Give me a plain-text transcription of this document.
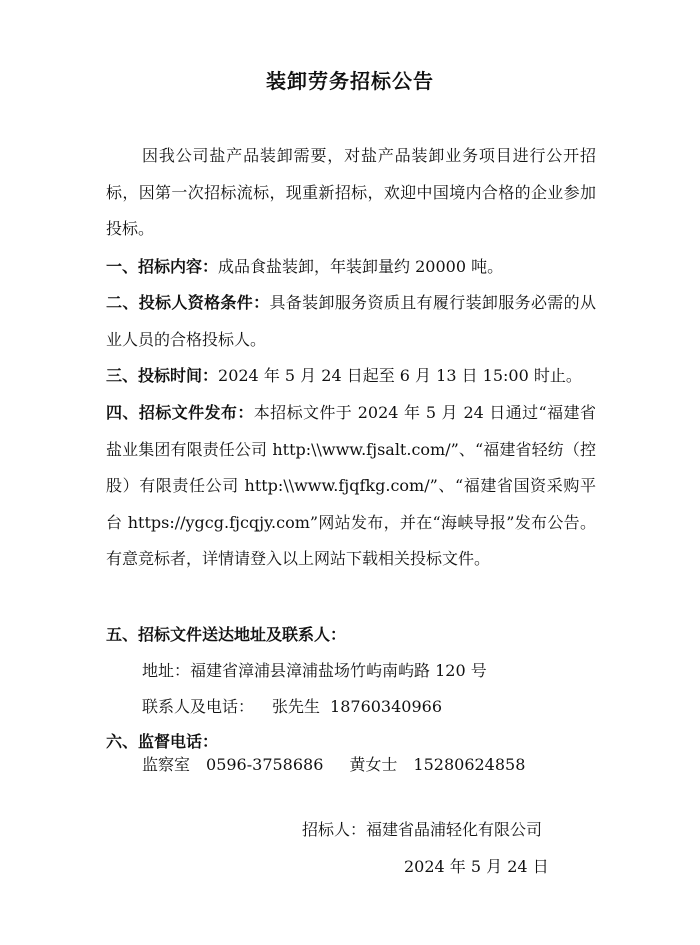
装卸劳务招标公告
因我公司盐产品装卸需要，对盐产品装卸业务项目进行公开招标，因第一次招标流标，现重新招标，欢迎中国境内合格的企业参加投标。
一、招标内容：成品食盐装卸，年装卸量约 20000 吨。
二、投标人资格条件：具备装卸服务资质且有履行装卸服务必需的从业人员的合格投标人。
三、投标时间：2024 年 5 月 24 日起至 6 月 13 日 15:00 时止。
四、招标文件发布：本招标文件于 2024 年 5 月 24 日通过“福建省盐业集团有限责任公司 http:\\www.fjsalt.com/”、“福建省轻纺（控股）有限责任公司 http:\\www.fjqfkg.com/”、“福建省国资采购平台 https://ygcg.fjcqjy.com”网站发布，并在“海峡导报”发布公告。有意竞标者，详情请登入以上网站下载相关投标文件。
五、招标文件送达地址及联系人：
地址：福建省漳浦县漳浦盐场竹屿南屿路 120 号
联系人及电话： 张先生 18760340966
六、监督电话：
监察室 0596-3758686 黄女士 15280624858
招标人：福建省晶浦轻化有限公司
2024 年 5 月 24 日
